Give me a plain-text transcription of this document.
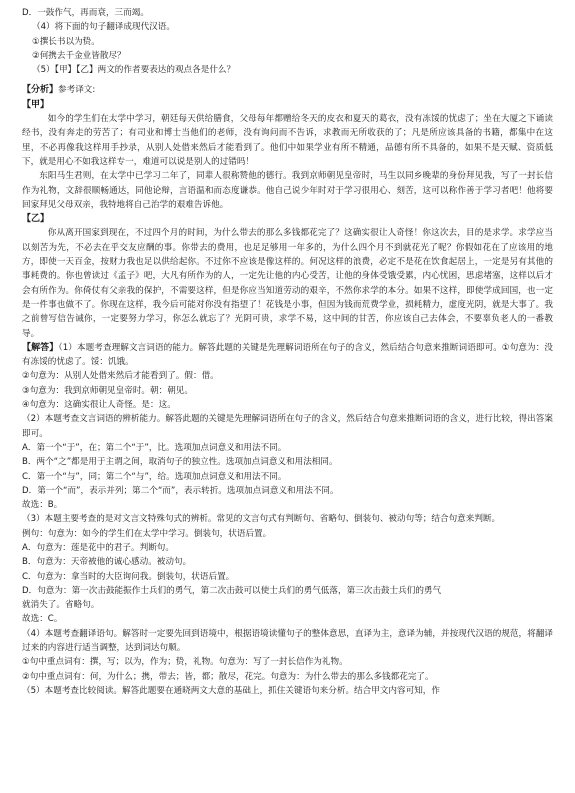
D．一鼓作气，再而衰，三而竭。
（4）将下面的句子翻译成现代汉语。
①撰长书以为贽。
②何携去千金业皆散尽？
（5）【甲】【乙】两文的作者要表达的观点各是什么？
【分析】参考译文:
【甲】
如今的学生们在太学中学习，朝廷每天供给膳食，父母每年都赠给冬天的皮衣和夏天的葛衣，没有冻馁的忧虑了；坐在大厦之下诵读经书，没有奔走的劳苦了；有司业和博士当他们的老师，没有询问而不告诉，求教而无所收获的了；凡是所应该具备的书籍，都集中在这里，不必再像我这样用手抄录，从别人处借来然后才能看到了。他们中如果学业有所不精通，品德有所不具备的，如果不是天赋、资质低下，就是用心不如我这样专一，难道可以说是别人的过错吗！
东阳马生君则，在太学中已学习二年了，同辈人很称赞他的德行。我到京师朝见皇帝时，马生以同乡晚辈的身份拜见我，写了一封长信作为礼物，文辞很顺畅通达，同他论辩，言语温和而态度谦恭。他自己说少年时对于学习很用心、刻苦，这可以称作善于学习者吧！他将要回家拜见父母双亲，我特地将自己治学的艰难告诉他。
【乙】
你从离开国家到现在，不过四个月的时间，为什么带去的那么多钱都花完了？这确实很让人奇怪！你这次去，目的是求学。求学应当以刻苦为先，不必去在乎交友应酬的事。你带去的费用，也足足够用一年多的，为什么四个月不到就花光了呢？你假如花在了应该用的地方，即使一天百金，按财力我也足以供给起你。不过你不应该是像这样的。何况这样的浪费，必定不是花在饮食起居上，一定是另有其他的事耗费的。你也曾读过《孟子》吧，大凡有所作为的人，一定先让他的内心受苦，让他的身体受饿受累，内心忧困，思虑堵塞，这样以后才会有所作为。你倚仗有父亲我的保护，不需要这样，但是你应当知道劳动的艰辛，不然你求学的本分。如果不这样，即使学成回国，也一定是一件事也做不了。你现在这样，我今后可能对你没有指望了！花钱是小事，但因为钱而荒费学业，损耗精力，虚度光阴，就是大事了。我之前曾写信告诫你，一定要努力学习，你怎么就忘了？光阴可贵，求学不易，这中间的甘苦，你应该自己去体会，不要辜负老人的一番教导。
【解答】（1）本题考查理解文言词语的能力。解答此题的关键是先理解词语所在句子的含义，然后结合句意来推断词语即可。①句意为：没有冻馁的忧虑了。馁：饥饿。
②句意为：从别人处借来然后才能看到了。假：借。
③句意为：我到京师朝见皇帝时。朝：朝见。
④句意为：这确实很让人奇怪。是：这。
（2）本题考查文言词语的辨析能力。解答此题的关键是先理解词语所在句子的含义，然后结合句意来推断词语的含义，进行比较，得出答案即可。
A．第一个“于”，在；第二个“于”，比。选项加点词意义和用法不同。
B．两个“之”都是用于主谓之间，取消句子的独立性。选项加点词意义和用法相同。
C．第一个“与”，同；第二个“与”，给。选项加点词意义和用法不同。
D．第一个“而”，表示并列；第二个“而”，表示转折。选项加点词意义和用法不同。
故选：B。
（3）本题主要考查的是对文言文特殊句式的辨析。常见的文言句式有判断句、省略句、倒装句、被动句等；结合句意来判断。
例句：句意为：如今的学生们在太学中学习。倒装句，状语后置。
A．句意为：莲是花中的君子。判断句。
B．句意为：天帝被他的诚心感动。被动句。
C．句意为：拿当时的大臣询问我。倒装句，状语后置。
D．句意为：第一次击鼓能振作士兵们的勇气，第二次击鼓可以使士兵们的勇气低落，第三次击鼓士兵们的勇气
就消失了。省略句。
故选：C。
（4）本题考查翻译语句。解答时一定要先回到语境中，根据语境读懂句子的整体意思，直译为主，意译为辅，并按现代汉语的规范，将翻译过来的内容进行适当调整，达到词达句顺。
①句中重点词有：撰，写；以为，作为；贽，礼物。句意为：写了一封长信作为礼物。
②句中重点词有：何，为什么；携，带去；皆，都；散尽，花完。句意为：为什么带去的那么多钱都花完了。
（5）本题考查比较阅读。解答此题要在通晓两文大意的基础上，抓住关键语句来分析。结合甲文内容可知，作
